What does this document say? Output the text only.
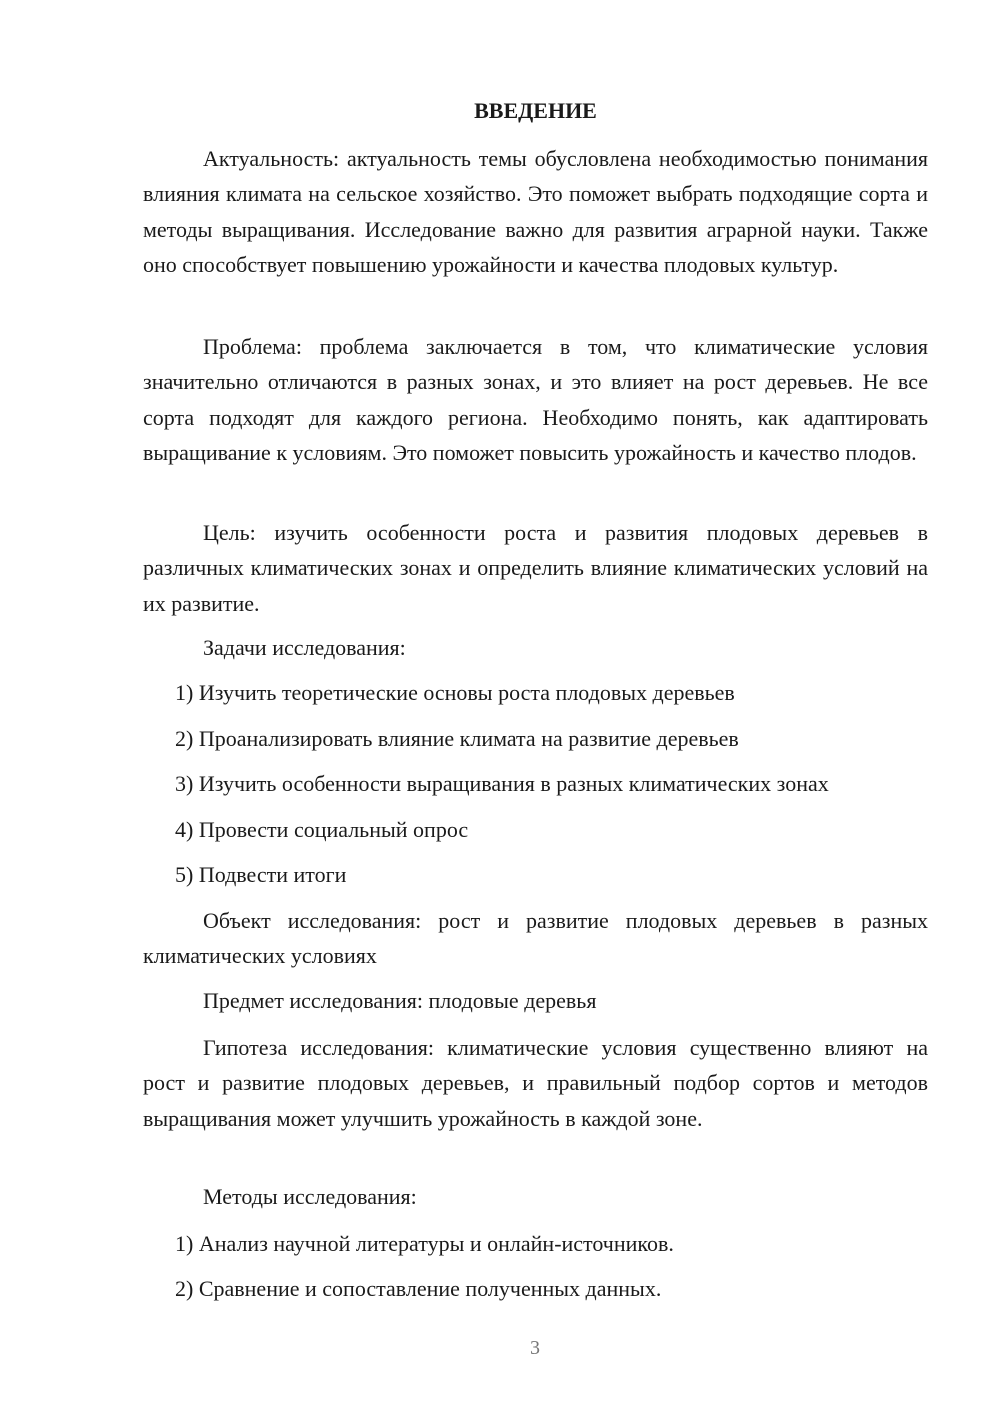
ВВЕДЕНИЕ

Актуальность: актуальность темы обусловлена необходимостью понимания влияния климата на сельское хозяйство. Это поможет выбрать подходящие сорта и методы выращивания. Исследование важно для развития аграрной науки. Также оно способствует повышению урожайности и качества плодовых культур.

Проблема: проблема заключается в том, что климатические условия значительно отличаются в разных зонах, и это влияет на рост деревьев. Не все сорта подходят для каждого региона. Необходимо понять, как адаптировать выращивание к условиям. Это поможет повысить урожайность и качество плодов.

Цель: изучить особенности роста и развития плодовых деревьев в различных климатических зонах и определить влияние климатических условий на их развитие.

Задачи исследования:

1) Изучить теоретические основы роста плодовых деревьев

2) Проанализировать влияние климата на развитие деревьев

3) Изучить особенности выращивания в разных климатических зонах

4) Провести социальный опрос

5) Подвести итоги

Объект исследования: рост и развитие плодовых деревьев в разных климатических условиях

Предмет исследования: плодовые деревья

Гипотеза исследования: климатические условия существенно влияют на рост и развитие плодовых деревьев, и правильный подбор сортов и методов выращивания может улучшить урожайность в каждой зоне.

Методы исследования:

1) Анализ научной литературы и онлайн-источников.

2) Сравнение и сопоставление полученных данных.

3
